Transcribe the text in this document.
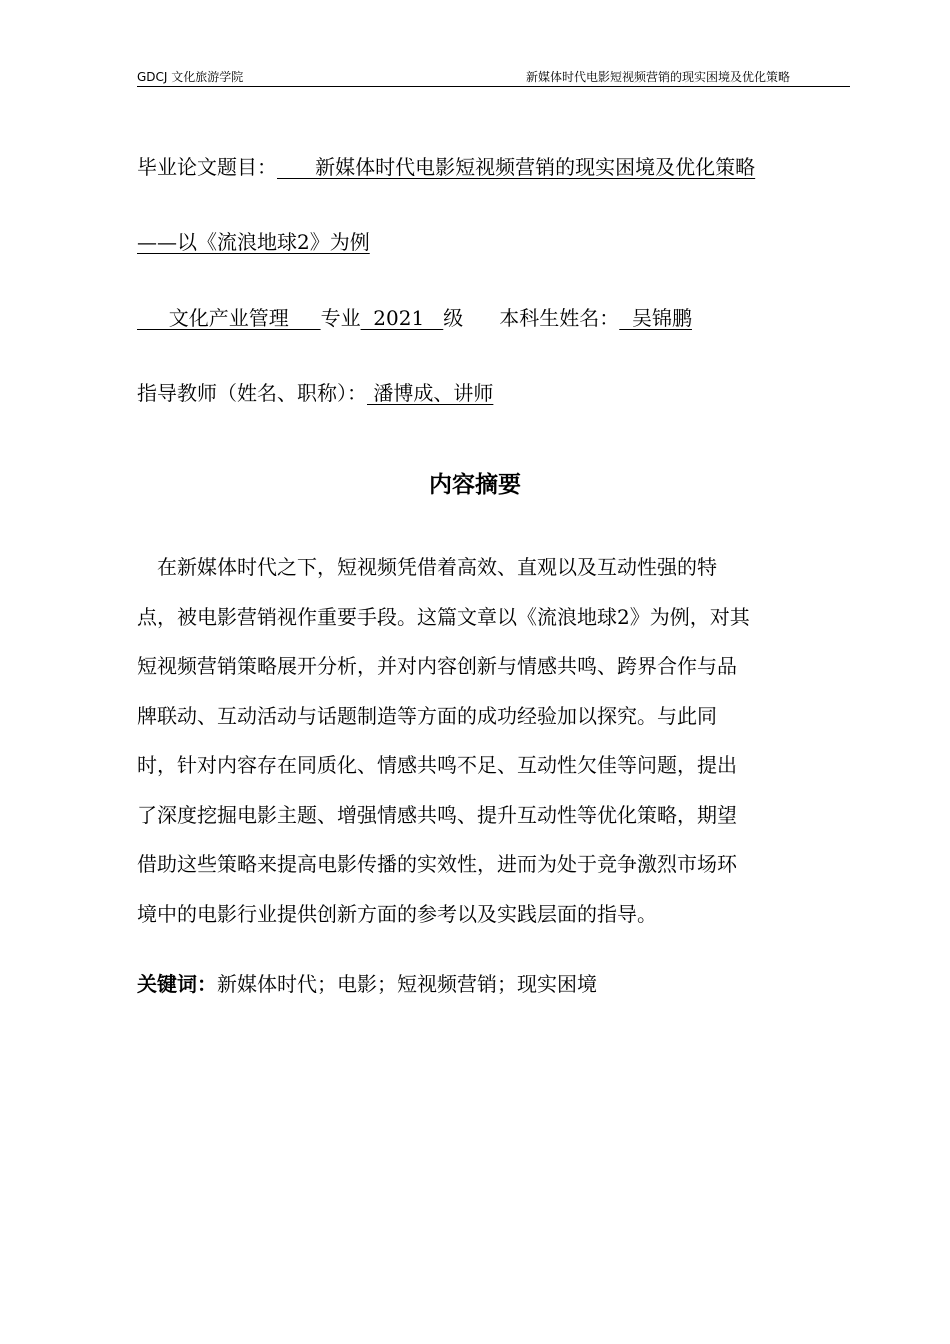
GDCJ 文化旅游学院	新媒体时代电影短视频营销的现实困境及优化策略
毕业论文题目：      新媒体时代电影短视频营销的现实困境及优化策略
——以《流浪地球2》为例
文化产业管理     专业  2021   级 本科生姓名：  吴锦鹏
指导教师（姓名、职称）： 潘博成、讲师
内容摘要
　在新媒体时代之下，短视频凭借着高效、直观以及互动性强的特
点，被电影营销视作重要手段。这篇文章以《流浪地球2》为例，对其
短视频营销策略展开分析，并对内容创新与情感共鸣、跨界合作与品
牌联动、互动活动与话题制造等方面的成功经验加以探究。与此同
时，针对内容存在同质化、情感共鸣不足、互动性欠佳等问题，提出
了深度挖掘电影主题、增强情感共鸣、提升互动性等优化策略，期望
借助这些策略来提高电影传播的实效性，进而为处于竞争激烈市场环
境中的电影行业提供创新方面的参考以及实践层面的指导。
关键词：新媒体时代；电影；短视频营销；现实困境
